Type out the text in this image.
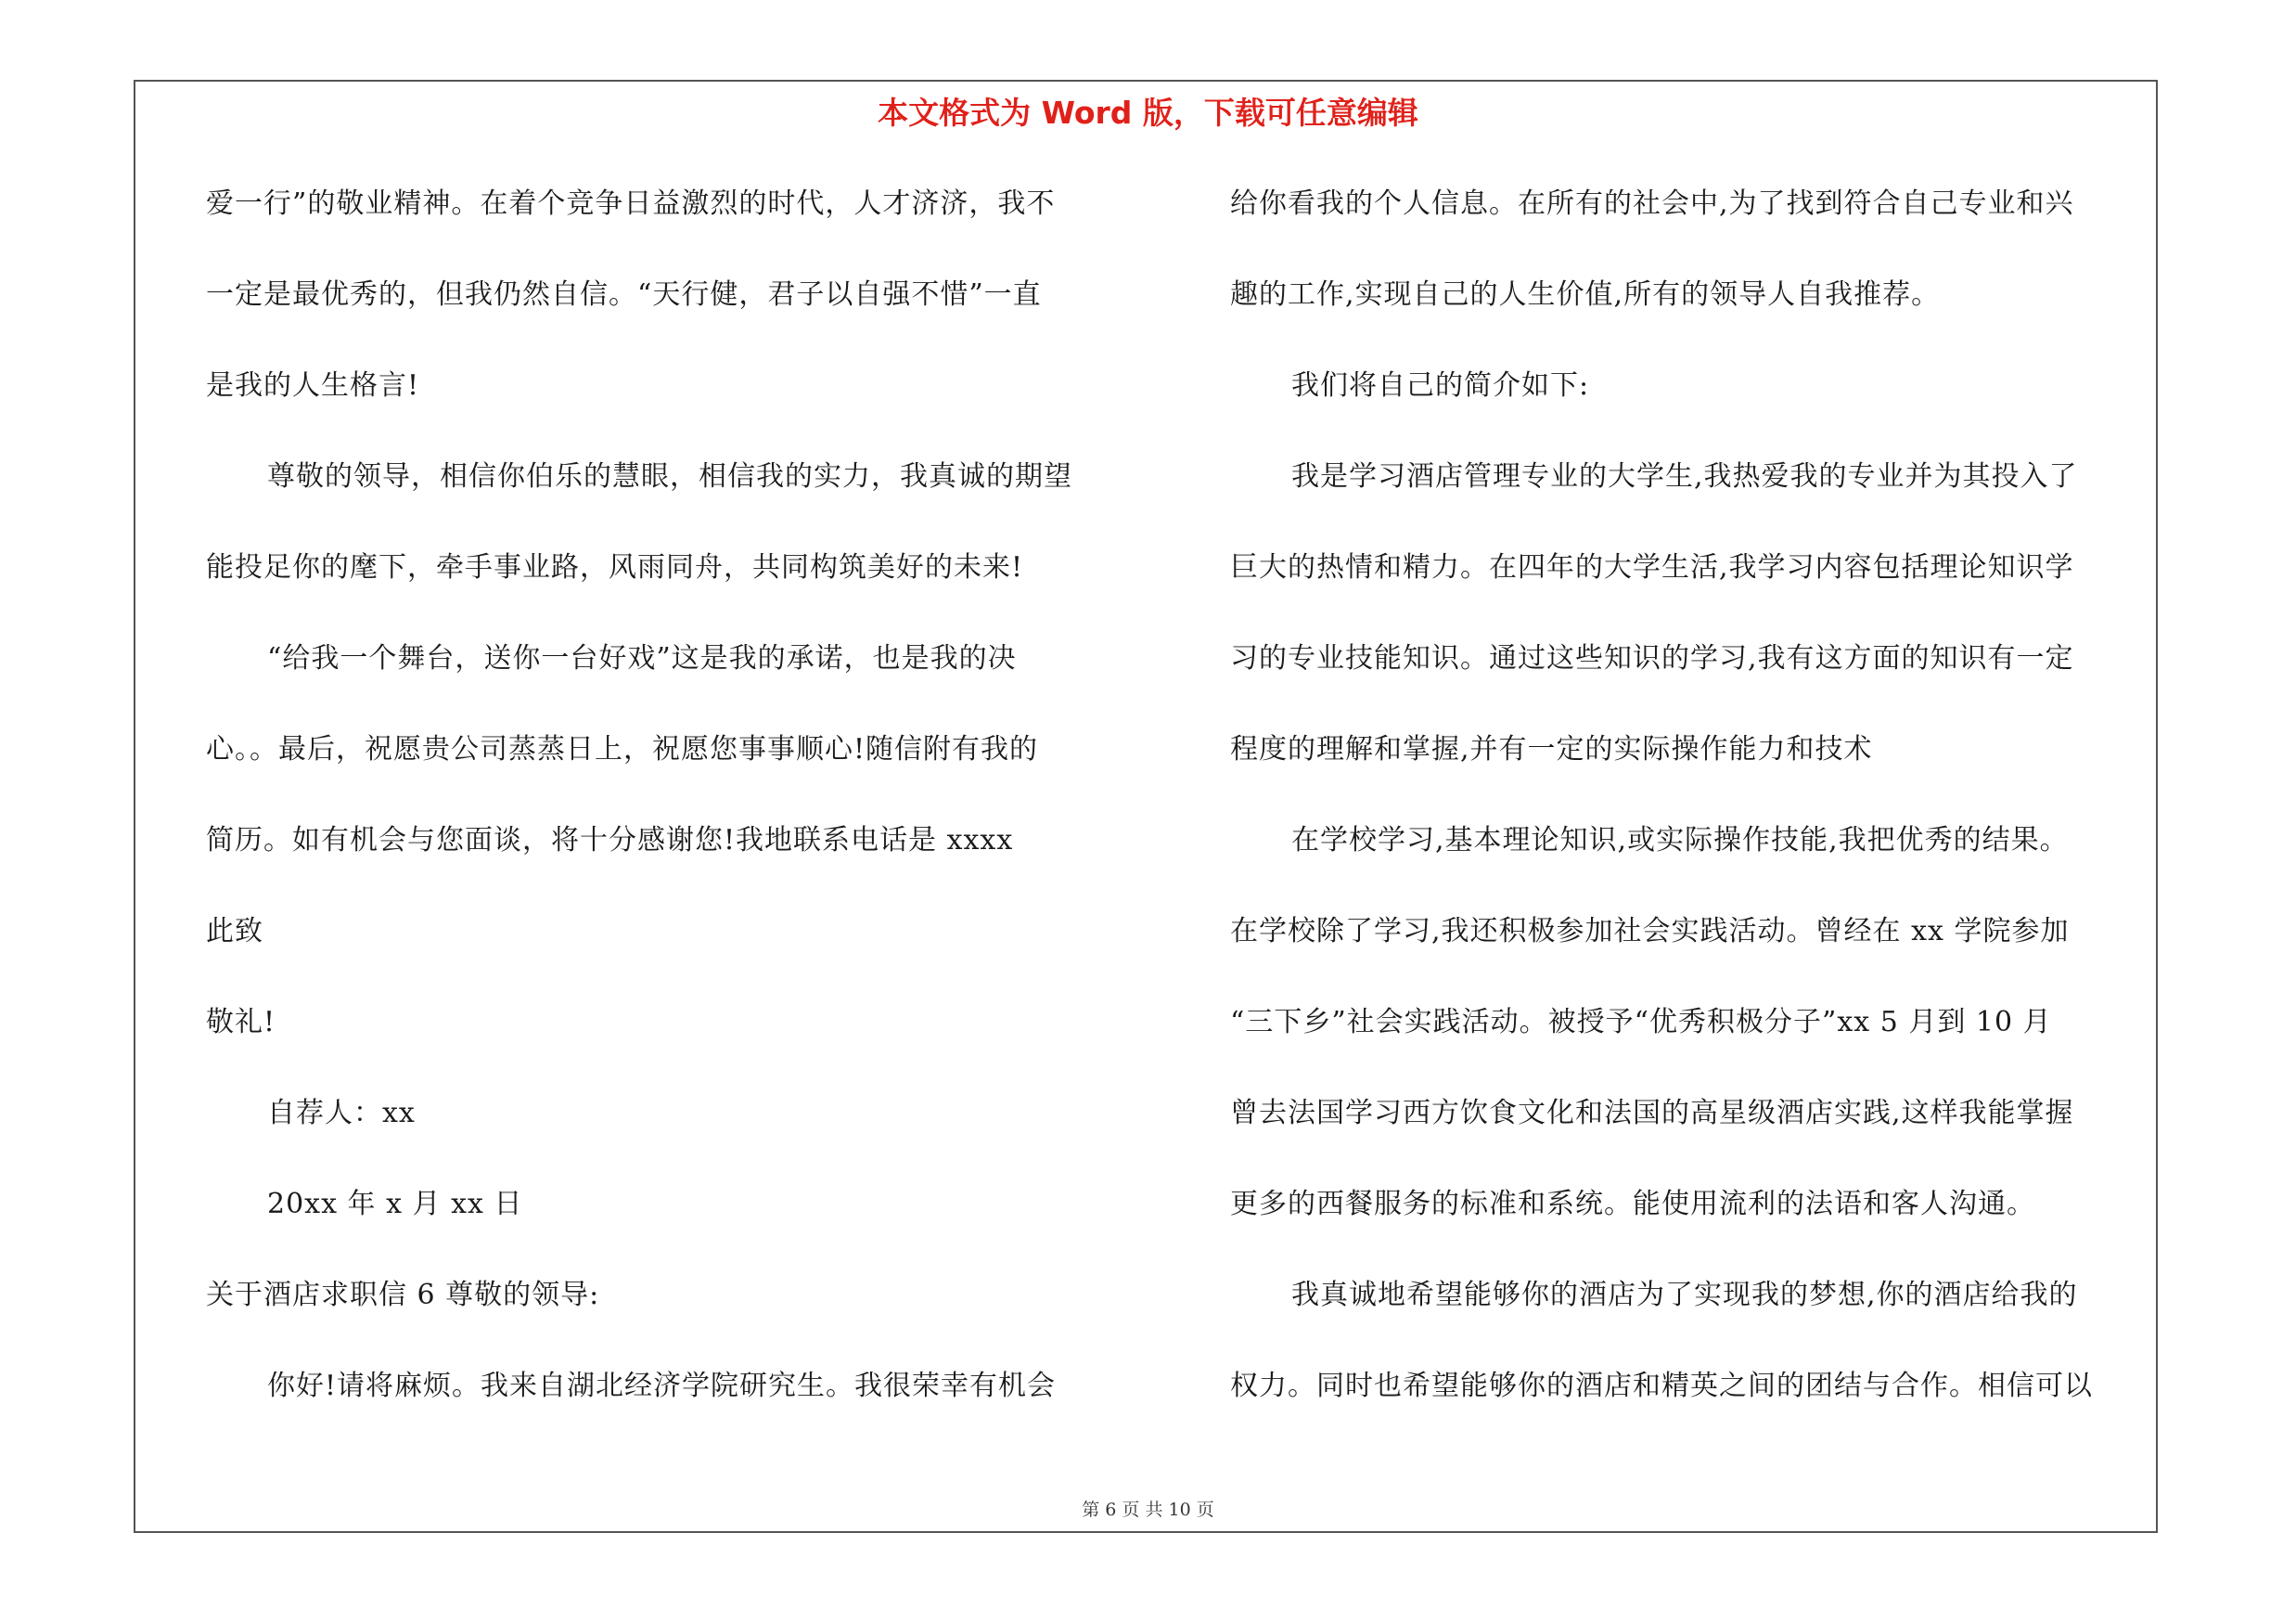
本文格式为 Word 版，下载可任意编辑
爱一行”的敬业精神。在着个竞争日益激烈的时代，人才济济，我不
一定是最优秀的，但我仍然自信。“天行健，君子以自强不惜”一直
是我的人生格言!
尊敬的领导，相信你伯乐的慧眼，相信我的实力，我真诚的期望
能投足你的麾下，牵手事业路，风雨同舟，共同构筑美好的未来!
“给我一个舞台，送你一台好戏”这是我的承诺，也是我的决
心。。最后，祝愿贵公司蒸蒸日上，祝愿您事事顺心!随信附有我的
简历。如有机会与您面谈，将十分感谢您!我地联系电话是 xxxx
此致
敬礼!
自荐人：xx
20xx 年 x 月 xx 日
关于酒店求职信 6 尊敬的领导:
你好!请将麻烦。我来自湖北经济学院研究生。我很荣幸有机会
给你看我的个人信息。在所有的社会中,为了找到符合自己专业和兴
趣的工作,实现自己的人生价值,所有的领导人自我推荐。
我们将自己的简介如下:
我是学习酒店管理专业的大学生,我热爱我的专业并为其投入了
巨大的热情和精力。在四年的大学生活,我学习内容包括理论知识学
习的专业技能知识。通过这些知识的学习,我有这方面的知识有一定
程度的理解和掌握,并有一定的实际操作能力和技术
在学校学习,基本理论知识,或实际操作技能,我把优秀的结果。
在学校除了学习,我还积极参加社会实践活动。曾经在 xx 学院参加
“三下乡”社会实践活动。被授予“优秀积极分子”xx 5 月到 10 月
曾去法国学习西方饮食文化和法国的高星级酒店实践,这样我能掌握
更多的西餐服务的标准和系统。能使用流利的法语和客人沟通。
我真诚地希望能够你的酒店为了实现我的梦想,你的酒店给我的
权力。同时也希望能够你的酒店和精英之间的团结与合作。相信可以
第 6 页 共 10 页
